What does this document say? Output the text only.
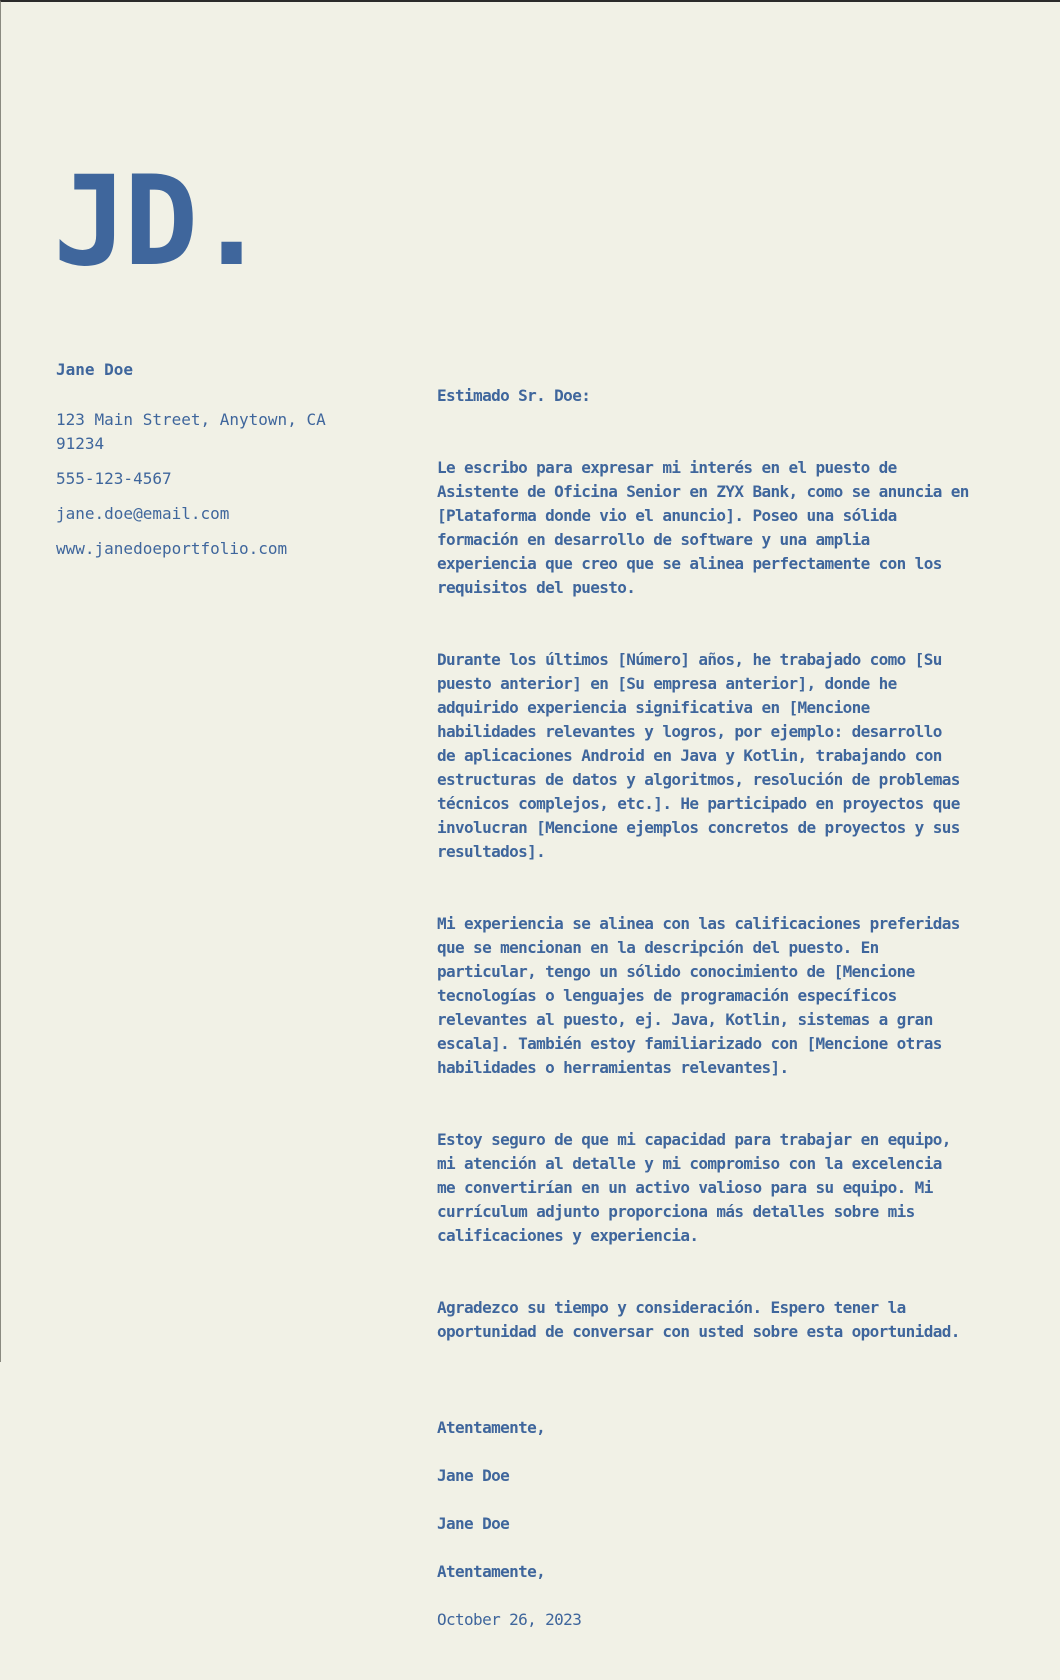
JD.
Jane Doe
123 Main Street, Anytown, CA
91234
555-123-4567
jane.doe@email.com
www.janedoeportfolio.com

Estimado Sr. Doe:

Le escribo para expresar mi interés en el puesto de
Asistente de Oficina Senior en ZYX Bank, como se anuncia en
[Plataforma donde vio el anuncio]. Poseo una sólida
formación en desarrollo de software y una amplia
experiencia que creo que se alinea perfectamente con los
requisitos del puesto.

Durante los últimos [Número] años, he trabajado como [Su
puesto anterior] en [Su empresa anterior], donde he
adquirido experiencia significativa en [Mencione
habilidades relevantes y logros, por ejemplo: desarrollo
de aplicaciones Android en Java y Kotlin, trabajando con
estructuras de datos y algoritmos, resolución de problemas
técnicos complejos, etc.]. He participado en proyectos que
involucran [Mencione ejemplos concretos de proyectos y sus
resultados].

Mi experiencia se alinea con las calificaciones preferidas
que se mencionan en la descripción del puesto. En
particular, tengo un sólido conocimiento de [Mencione
tecnologías o lenguajes de programación específicos
relevantes al puesto, ej. Java, Kotlin, sistemas a gran
escala]. También estoy familiarizado con [Mencione otras
habilidades o herramientas relevantes].

Estoy seguro de que mi capacidad para trabajar en equipo,
mi atención al detalle y mi compromiso con la excelencia
me convertirían en un activo valioso para su equipo. Mi
currículum adjunto proporciona más detalles sobre mis
calificaciones y experiencia.

Agradezco su tiempo y consideración. Espero tener la
oportunidad de conversar con usted sobre esta oportunidad.

Atentamente,

Jane Doe

Jane Doe

Atentamente,

October 26, 2023
